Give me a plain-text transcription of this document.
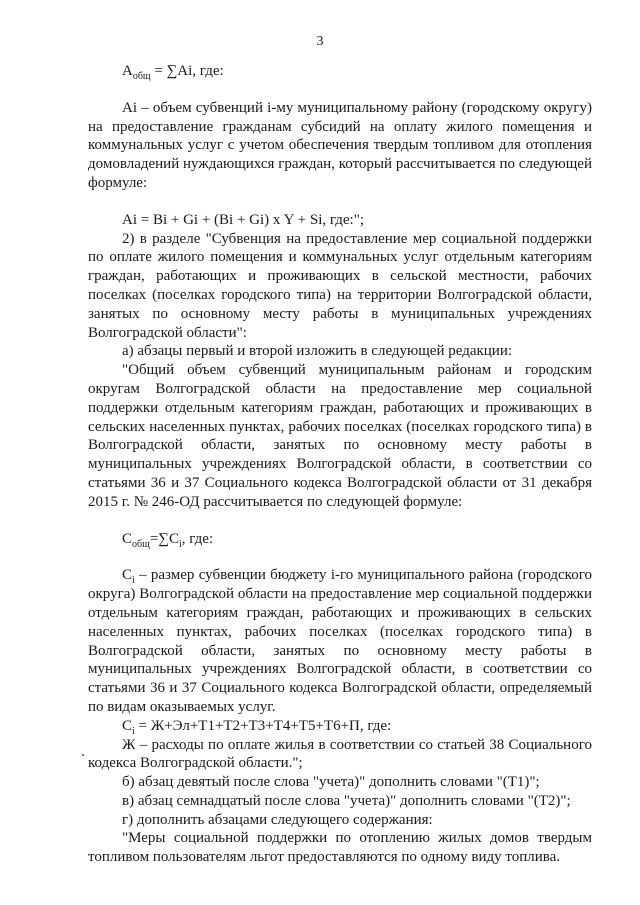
3

$A_{общ} = \sum Ai$, где:

Ai – объем субвенций i-му муниципальному району (городскому округу) на предоставление гражданам субсидий на оплату жилого помещения и коммунальных услуг с учетом обеспечения твердым топливом для отопления домовладений нуждающихся граждан, который рассчитывается по следующей формуле:

Ai = Bi + Gi + (Bi + Gi) x Y + Si, где:";

2) в разделе "Субвенция на предоставление мер социальной поддержки по оплате жилого помещения и коммунальных услуг отдельным категориям граждан, работающих и проживающих в сельской местности, рабочих поселках (поселках городского типа) на территории Волгоградской области, занятых по основному месту работы в муниципальных учреждениях Волгоградской области":

а) абзацы первый и второй изложить в следующей редакции:

"Общий объем субвенций муниципальным районам и городским округам Волгоградской области на предоставление мер социальной поддержки отдельным категориям граждан, работающих и проживающих в сельских населенных пунктах, рабочих поселках (поселках городского типа) в Волгоградской области, занятых по основному месту работы в муниципальных учреждениях Волгоградской области, в соответствии со статьями 36 и 37 Социального кодекса Волгоградской области от 31 декабря 2015 г. № 246-ОД рассчитывается по следующей формуле:

$C_{общ}=\sum C_i$, где:

$C_i$ – размер субвенции бюджету i-го муниципального района (городского округа) Волгоградской области на предоставление мер социальной поддержки отдельным категориям граждан, работающих и проживающих в сельских населенных пунктах, рабочих поселках (поселках городского типа) в Волгоградской области, занятых по основному месту работы в муниципальных учреждениях Волгоградской области, в соответствии со статьями 36 и 37 Социального кодекса Волгоградской области, определяемый по видам оказываемых услуг.

$C_i = Ж+Эл+Т1+Т2+Т3+Т4+Т5+Т6+П$, где:

Ж – расходы по оплате жилья в соответствии со статьей 38 Социального кодекса Волгоградской области.";

б) абзац девятый после слова "учета)" дополнить словами "(Т1)";

в) абзац семнадцатый после слова "учета)" дополнить словами "(Т2)";

г) дополнить абзацами следующего содержания:

"Меры социальной поддержки по отоплению жилых домов твердым топливом пользователям льгот предоставляются по одному виду топлива.
